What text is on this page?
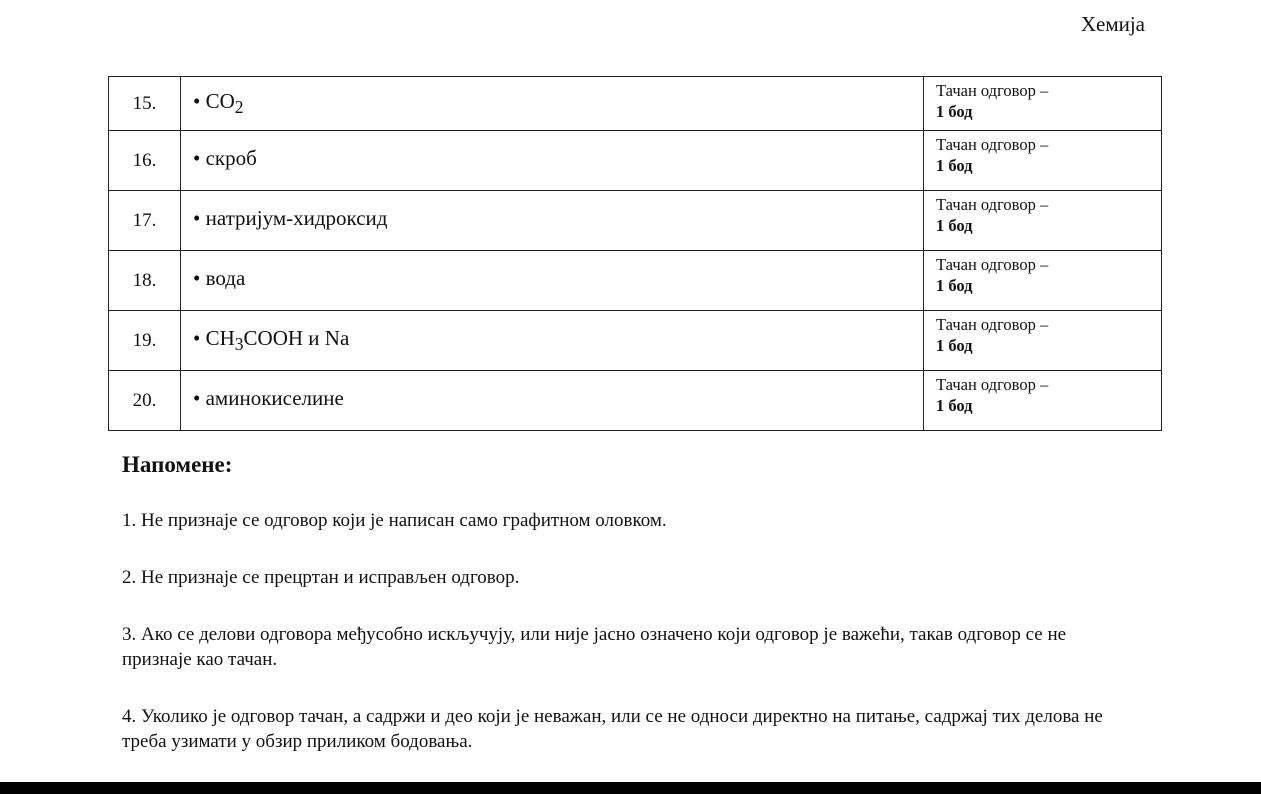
Хемија
15.	• $CO_2$	Тачан одговор –
1 бод

16.	• скроб	Тачан одговор –
1 бод

17.	• натријум-хидроксид	Тачан одговор –
1 бод

18.	• вода	Тачан одговор –
1 бод

19.	• $CH_3COOH$ и Na	Тачан одговор –
1 бод

20.	• аминокиселине	Тачан одговор –
1 бод
Напомене:

1. Не признаје се одговор који је написан само графитном оловком.

2. Не признаје се прецртан и исправљен одговор.

3. Ако се делови одговора међусобно искључују, или није јасно означено који одговор је важећи, такав одговор се не признаје као тачан.

4. Уколико је одговор тачан, а садржи и део који је неважан, или се не односи директно на питање, садржај тих делова не треба узимати у обзир приликом бодовања.
